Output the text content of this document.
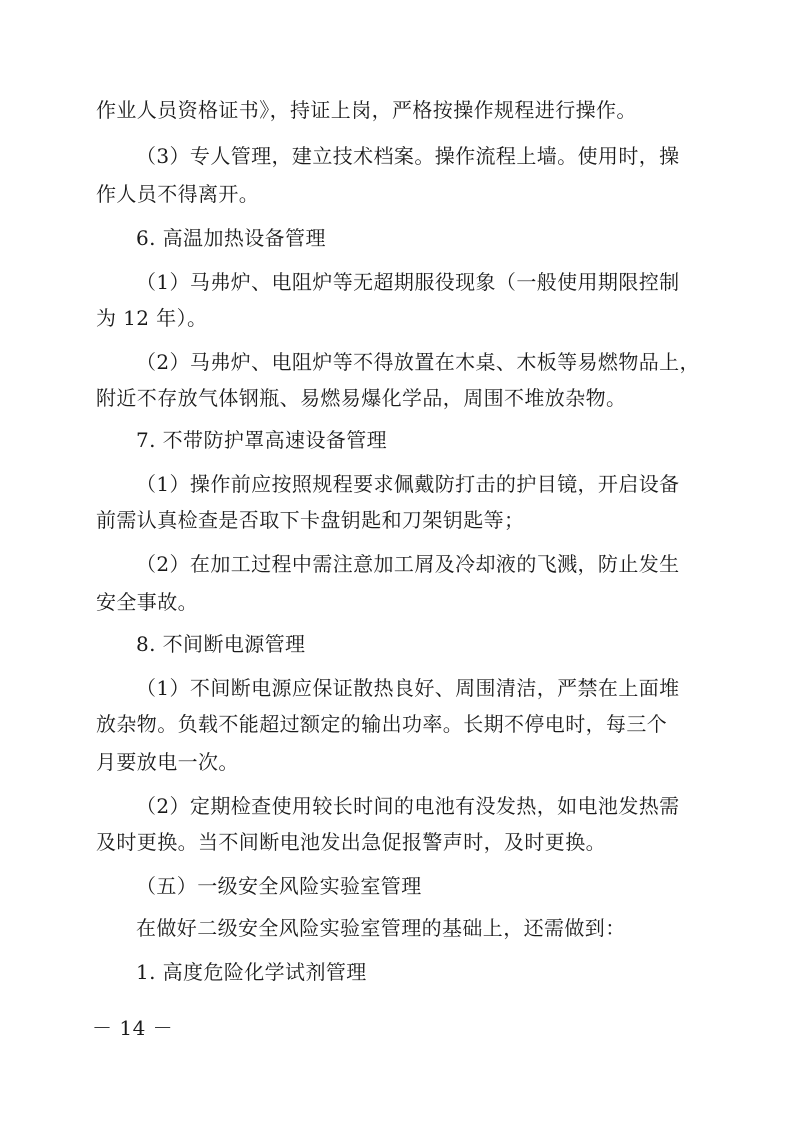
作业人员资格证书》，持证上岗，严格按操作规程进行操作。
（3）专人管理，建立技术档案。操作流程上墙。使用时，操
作人员不得离开。
6. 高温加热设备管理
（1）马弗炉、电阻炉等无超期服役现象（一般使用期限控制
为 12 年）。
（2）马弗炉、电阻炉等不得放置在木桌、木板等易燃物品上，
附近不存放气体钢瓶、易燃易爆化学品，周围不堆放杂物。
7. 不带防护罩高速设备管理
（1）操作前应按照规程要求佩戴防打击的护目镜，开启设备
前需认真检查是否取下卡盘钥匙和刀架钥匙等；
（2）在加工过程中需注意加工屑及冷却液的飞溅，防止发生
安全事故。
8. 不间断电源管理
（1）不间断电源应保证散热良好、周围清洁，严禁在上面堆
放杂物。负载不能超过额定的输出功率。长期不停电时，每三个
月要放电一次。
（2）定期检查使用较长时间的电池有没发热，如电池发热需
及时更换。当不间断电池发出急促报警声时，及时更换。
（五）一级安全风险实验室管理
在做好二级安全风险实验室管理的基础上，还需做到：
1. 高度危险化学试剂管理
－ 14 －
